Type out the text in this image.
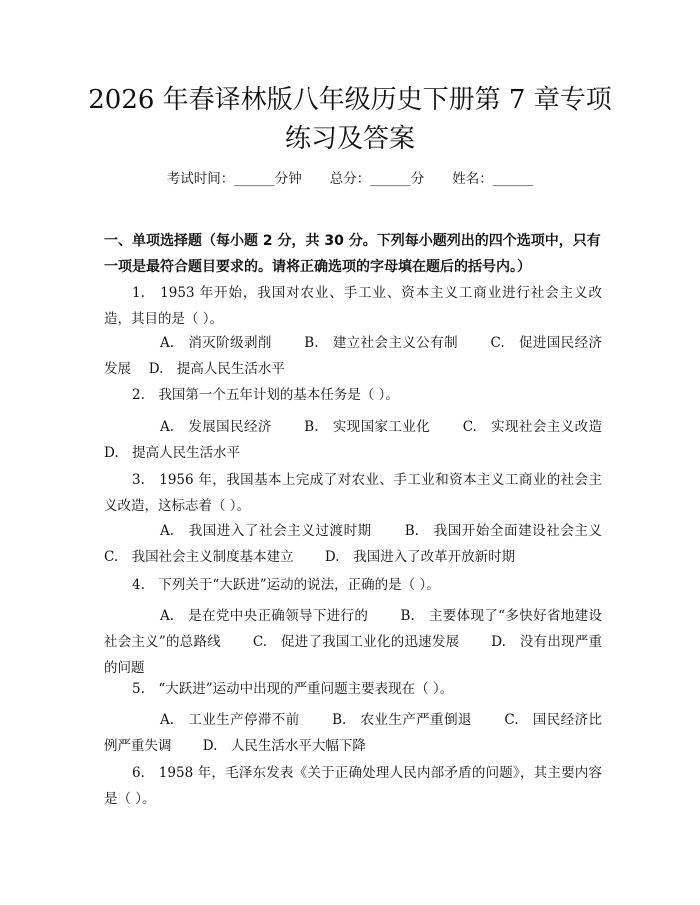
2026 年春译林版八年级历史下册第 7 章专项
练习及答案
考试时间：______分钟 总分：______分 姓名：______
一、单项选择题（每小题 2 分，共 30 分。下列每小题列出的四个选项中，只有一项是最符合题目要求的。请将正确选项的字母填在题后的括号内。）
1.　1953 年开始，我国对农业、手工业、资本主义工商业进行社会主义改造，其目的是（ ）。
A.　消灭阶级剥削　　 B.　建立社会主义公有制　　 C.　促进国民经济发展　 D.　提高人民生活水平
2.　我国第一个五年计划的基本任务是（ ）。
A.　发展国民经济　　 B.　实现国家工业化　　 C.　实现社会主义改造 D.　提高人民生活水平
3.　1956 年，我国基本上完成了对农业、手工业和资本主义工商业的社会主义改造，这标志着（ ）。
A.　我国进入了社会主义过渡时期　　 B.　我国开始全面建设社会主义 C.　我国社会主义制度基本建立　　 D.　我国进入了改革开放新时期
4.　下列关于“大跃进”运动的说法，正确的是（ ）。
A.　是在党中央正确领导下进行的　　 B.　主要体现了“多快好省地建设社会主义”的总路线　　 C.　促进了我国工业化的迅速发展　　 D.　没有出现严重的问题
5.　“大跃进”运动中出现的严重问题主要表现在（ ）。
A.　工业生产停滞不前　　 B.　农业生产严重倒退　　 C.　国民经济比例严重失调　　 D.　人民生活水平大幅下降
6.　1958 年，毛泽东发表《关于正确处理人民内部矛盾的问题》，其主要内容是（ ）。
